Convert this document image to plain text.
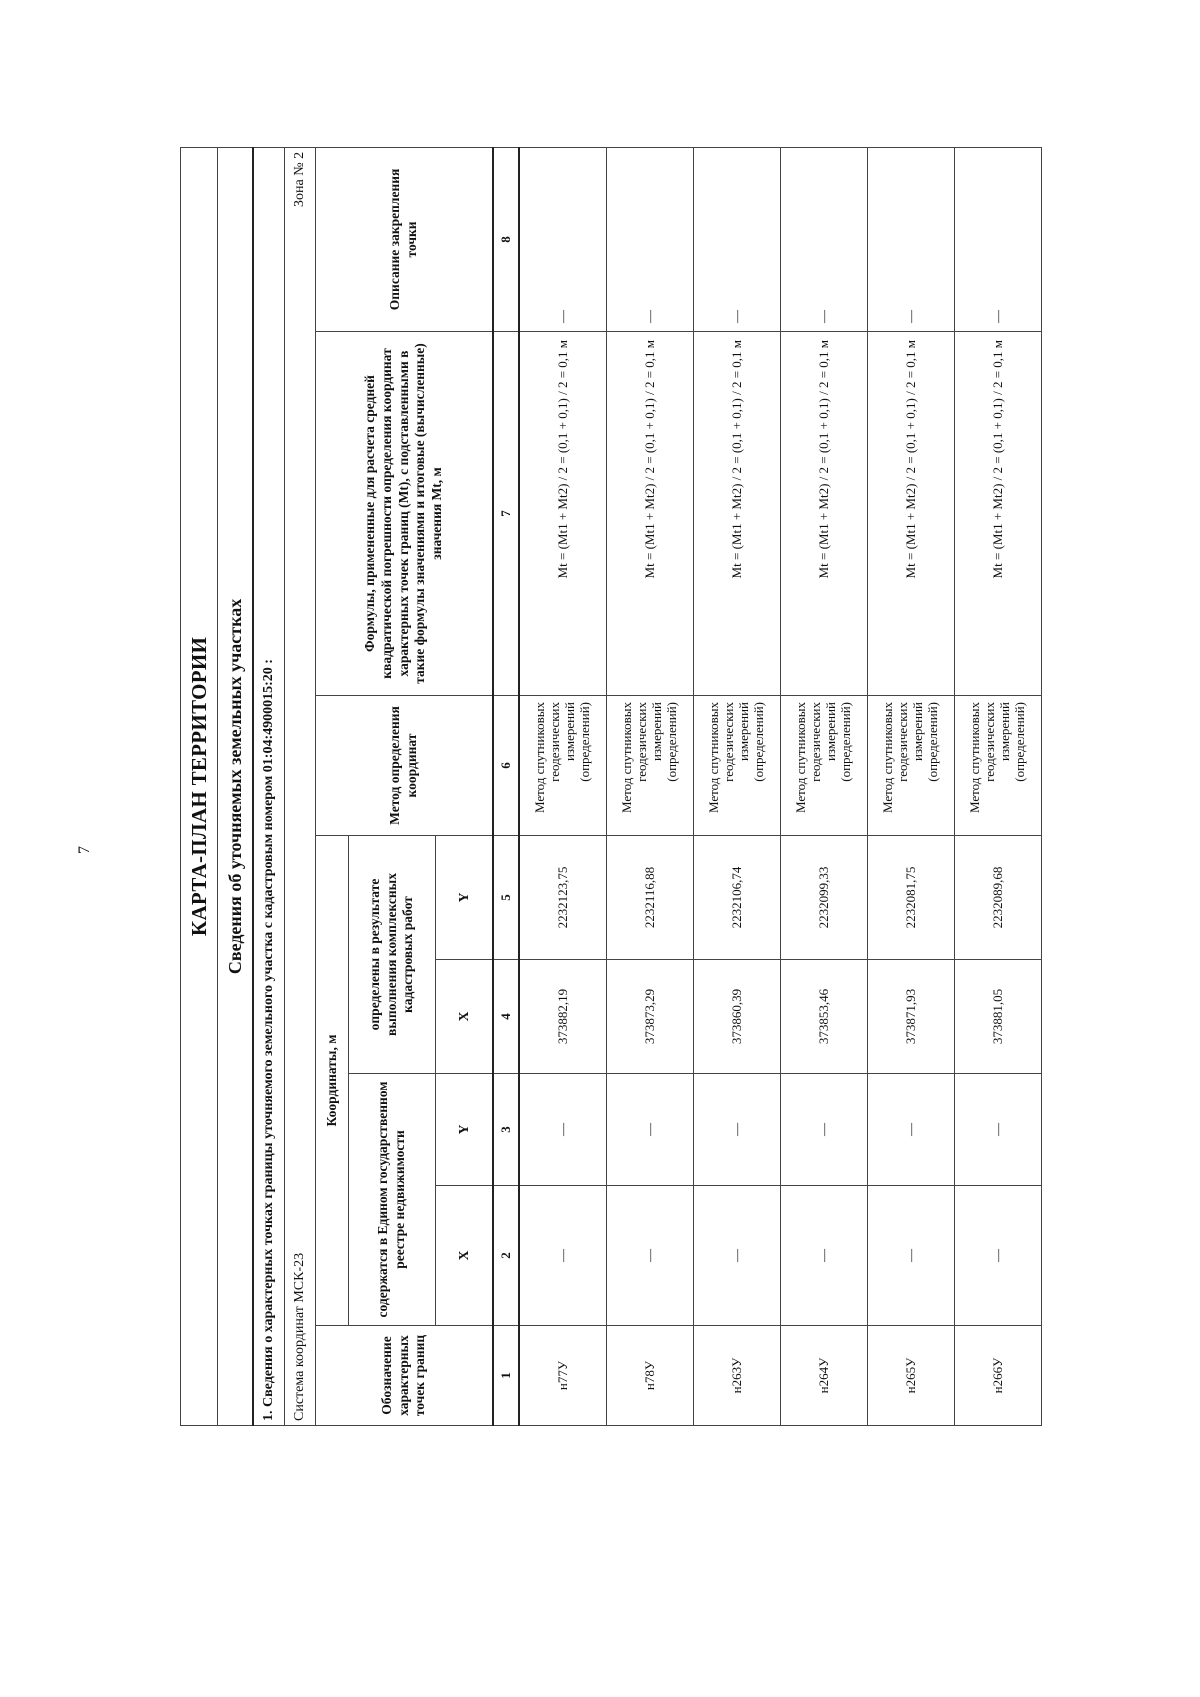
7	КАРТА-ПЛАН ТЕРРИТОРИИ							
Сведения об уточняемых земельных участках							
1. Сведения о характерных точках границы уточняемого земельного участка с кадастровым номером 01:04:4900015:20 :							
Система координат МСК-23						Зона № 2	
Обозначение характерных точек границ	Координаты, м				Метод определения координат	Формулы, примененные для расчета средней квадратической погрешности определения координат характерных точек границ (Mt), с подставленными в такие формулы значениями и итоговые (вычисленные) значения Mt, м	Описание закрепления точки
	содержатся в Едином государственном реестре недвижимости		определены в результате выполнения комплексных кадастровых работ				
	X	Y	X	Y			
1	2	3	4	5	6	7	8
н77У	—	—	373882,19	2232123,75	Метод спутниковых геодезических измерений (определений)	Mt = (Mt1 + Mt2) / 2 = (0,1 + 0,1) / 2 = 0,1 м	—
н78У	—	—	373873,29	2232116,88	Метод спутниковых геодезических измерений (определений)	Mt = (Mt1 + Mt2) / 2 = (0,1 + 0,1) / 2 = 0,1 м	—
н263У	—	—	373860,39	2232106,74	Метод спутниковых геодезических измерений (определений)	Mt = (Mt1 + Mt2) / 2 = (0,1 + 0,1) / 2 = 0,1 м	—
н264У	—	—	373853,46	2232099,33	Метод спутниковых геодезических измерений (определений)	Mt = (Mt1 + Mt2) / 2 = (0,1 + 0,1) / 2 = 0,1 м	—
н265У	—	—	373871,93	2232081,75	Метод спутниковых геодезических измерений (определений)	Mt = (Mt1 + Mt2) / 2 = (0,1 + 0,1) / 2 = 0,1 м	—
н266У	—	—	373881,05	2232089,68	Метод спутниковых геодезических измерений (определений)	Mt = (Mt1 + Mt2) / 2 = (0,1 + 0,1) / 2 = 0,1 м	—
